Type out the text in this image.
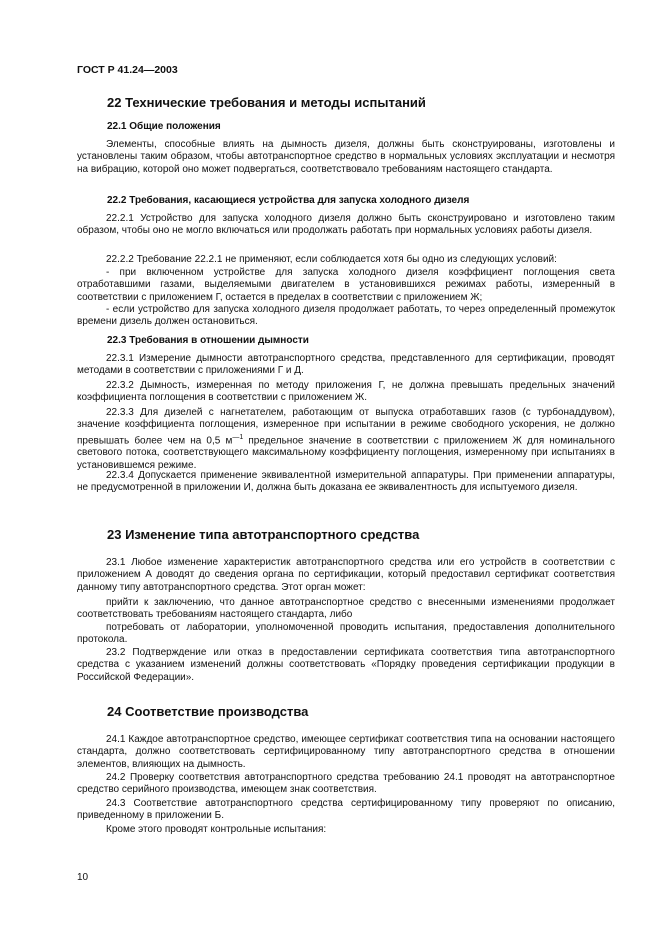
ГОСТ Р 41.24—2003
22 Технические требования и методы испытаний
22.1 Общие положения
Элементы, способные влиять на дымность дизеля, должны быть сконструированы, изготовлены и установлены таким образом, чтобы автотранспортное средство в нормальных условиях эксплуатации и несмотря на вибрацию, которой оно может подвергаться, соответствовало требованиям настоящего стандарта.
22.2 Требования, касающиеся устройства для запуска холодного дизеля
22.2.1 Устройство для запуска холодного дизеля должно быть сконструировано и изготовлено таким образом, чтобы оно не могло включаться или продолжать работать при нормальных условиях работы дизеля.
22.2.2 Требование 22.2.1 не применяют, если соблюдается хотя бы одно из следующих условий:
- при включенном устройстве для запуска холодного дизеля коэффициент поглощения света отработавшими газами, выделяемыми двигателем в установившихся режимах работы, измеренный в соответствии с приложением Г, остается в пределах в соответствии с приложением Ж;
- если устройство для запуска холодного дизеля продолжает работать, то через определенный промежуток времени дизель должен остановиться.
22.3 Требования в отношении дымности
22.3.1 Измерение дымности автотранспортного средства, представленного для сертификации, проводят методами в соответствии с приложениями Г и Д.
22.3.2 Дымность, измеренная по методу приложения Г, не должна превышать предельных значений коэффициента поглощения в соответствии с приложением Ж.
22.3.3 Для дизелей с нагнетателем, работающим от выпуска отработавших газов (с турбонаддувом), значение коэффициента поглощения, измеренное при испытании в режиме свободного ускорения, не должно превышать более чем на 0,5 $м^{—1}$ предельное значение в соответствии с приложением Ж для номинального светового потока, соответствующего максимальному коэффициенту поглощения, измеренному при испытаниях в установившемся режиме.
22.3.4 Допускается применение эквивалентной измерительной аппаратуры. При применении аппаратуры, не предусмотренной в приложении И, должна быть доказана ее эквивалентность для испытуемого дизеля.
23 Изменение типа автотранспортного средства
23.1 Любое изменение характеристик автотранспортного средства или его устройств в соответствии с приложением А доводят до сведения органа по сертификации, который предоставил сертификат соответствия данному типу автотранспортного средства. Этот орган может:
прийти к заключению, что данное автотранспортное средство с внесенными изменениями продолжает соответствовать требованиям настоящего стандарта, либо
потребовать от лаборатории, уполномоченной проводить испытания, предоставления дополнительного протокола.
23.2 Подтверждение или отказ в предоставлении сертификата соответствия типа автотранспортного средства с указанием изменений должны соответствовать «Порядку проведения сертификации продукции в Российской Федерации».
24 Соответствие производства
24.1 Каждое автотранспортное средство, имеющее сертификат соответствия типа на основании настоящего стандарта, должно соответствовать сертифицированному типу автотранспортного средства в отношении элементов, влияющих на дымность.
24.2 Проверку соответствия автотранспортного средства требованию 24.1 проводят на автотранспортное средство серийного производства, имеющем знак соответствия.
24.3 Соответствие автотранспортного средства сертифицированному типу проверяют по описанию, приведенному в приложении Б.
Кроме этого проводят контрольные испытания:
10
